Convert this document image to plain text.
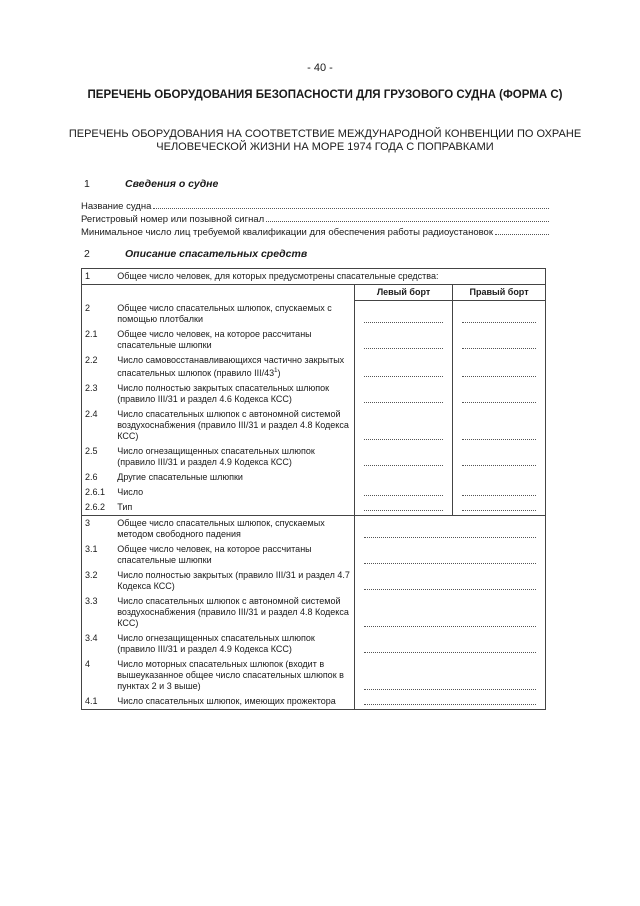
- 40 -
ПЕРЕЧЕНЬ ОБОРУДОВАНИЯ БЕЗОПАСНОСТИ ДЛЯ ГРУЗОВОГО СУДНА (ФОРМА С)
ПЕРЕЧЕНЬ ОБОРУДОВАНИЯ НА СООТВЕТСТВИЕ МЕЖДУНАРОДНОЙ КОНВЕНЦИИ ПО ОХРАНЕ ЧЕЛОВЕЧЕСКОЙ ЖИЗНИ НА МОРЕ 1974 ГОДА С ПОПРАВКАМИ
1	Сведения о судне
Название судна
Регистровый номер или позывной сигнал
Минимальное число лиц требуемой квалификации для обеспечения работы радиоустановок
2	Описание спасательных средств
1	Общее число человек, для которых предусмотрены спасательные средства:		
		Левый борт	Правый борт
2	Общее число спасательных шлюпок, спускаемых с помощью плотбалки	

2.1	Общее число человек, на которое рассчитаны спасательные шлюпки	

2.2	Число самовосстанавливающихся частично закрытых спасательных шлюпок (правило III/$43^1$)	

2.3	Число полностью закрытых спасательных шлюпок (правило III/31 и раздел 4.6 Кодекса КСС)	

2.4	Число спасательных шлюпок с автономной системой воздухоснабжения (правило III/31 и раздел 4.8 Кодекса КСС)	

2.5	Число огнезащищенных спасательных шлюпок (правило III/31 и раздел 4.9 Кодекса КСС)	

2.6	Другие спасательные шлюпки		
2.6.1	Число	

2.6.2	Тип	

3	Общее число спасательных шлюпок, спускаемых методом свободного падения		

3.1	Общее число человек, на которое рассчитаны спасательные шлюпки		

3.2	Число полностью закрытых (правило III/31 и раздел 4.7 Кодекса КСС)		

3.3	Число спасательных шлюпок с автономной системой воздухоснабжения (правило III/31 и раздел 4.8 Кодекса КСС)		

3.4	Число огнезащищенных спасательных шлюпок (правило III/31 и раздел 4.9 Кодекса КСС)		

4	Число моторных спасательных шлюпок (входит в вышеуказанное общее число спасательных шлюпок в пунктах 2 и 3 выше)		

4.1	Число спасательных шлюпок, имеющих прожектора		
